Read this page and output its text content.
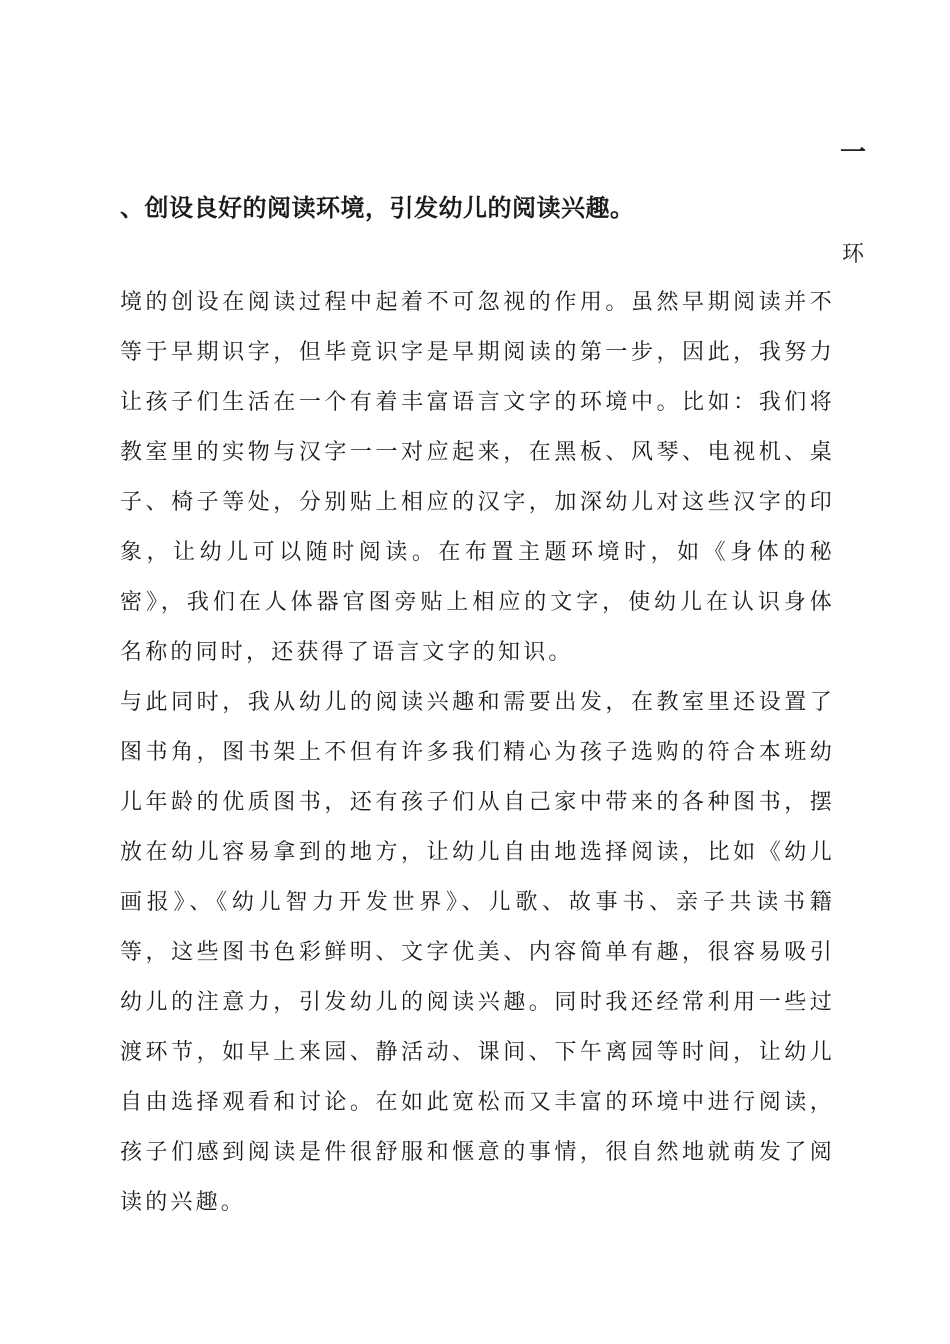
一
、创设良好的阅读环境，引发幼儿的阅读兴趣。
环

境的创设在阅读过程中起着不可忽视的作用。虽然早期阅读并不等于早期识字，但毕竟识字是早期阅读的第一步，因此，我努力让孩子们生活在一个有着丰富语言文字的环境中。比如：我们将教室里的实物与汉字一一对应起来，在黑板、风琴、电视机、桌子、椅子等处，分别贴上相应的汉字，加深幼儿对这些汉字的印象，让幼儿可以随时阅读。在布置主题环境时，如《身体的秘密》，我们在人体器官图旁贴上相应的文字，使幼儿在认识身体名称的同时，还获得了语言文字的知识。

与此同时，我从幼儿的阅读兴趣和需要出发，在教室里还设置了图书角，图书架上不但有许多我们精心为孩子选购的符合本班幼儿年龄的优质图书，还有孩子们从自己家中带来的各种图书，摆放在幼儿容易拿到的地方，让幼儿自由地选择阅读，比如《幼儿画报》、《幼儿智力开发世界》、儿歌、故事书、亲子共读书籍等，这些图书色彩鲜明、文字优美、内容简单有趣，很容易吸引幼儿的注意力，引发幼儿的阅读兴趣。同时我还经常利用一些过渡环节，如早上来园、静活动、课间、下午离园等时间，让幼儿自由选择观看和讨论。在如此宽松而又丰富的环境中进行阅读，孩子们感到阅读是件很舒服和惬意的事情，很自然地就萌发了阅读的兴趣。
